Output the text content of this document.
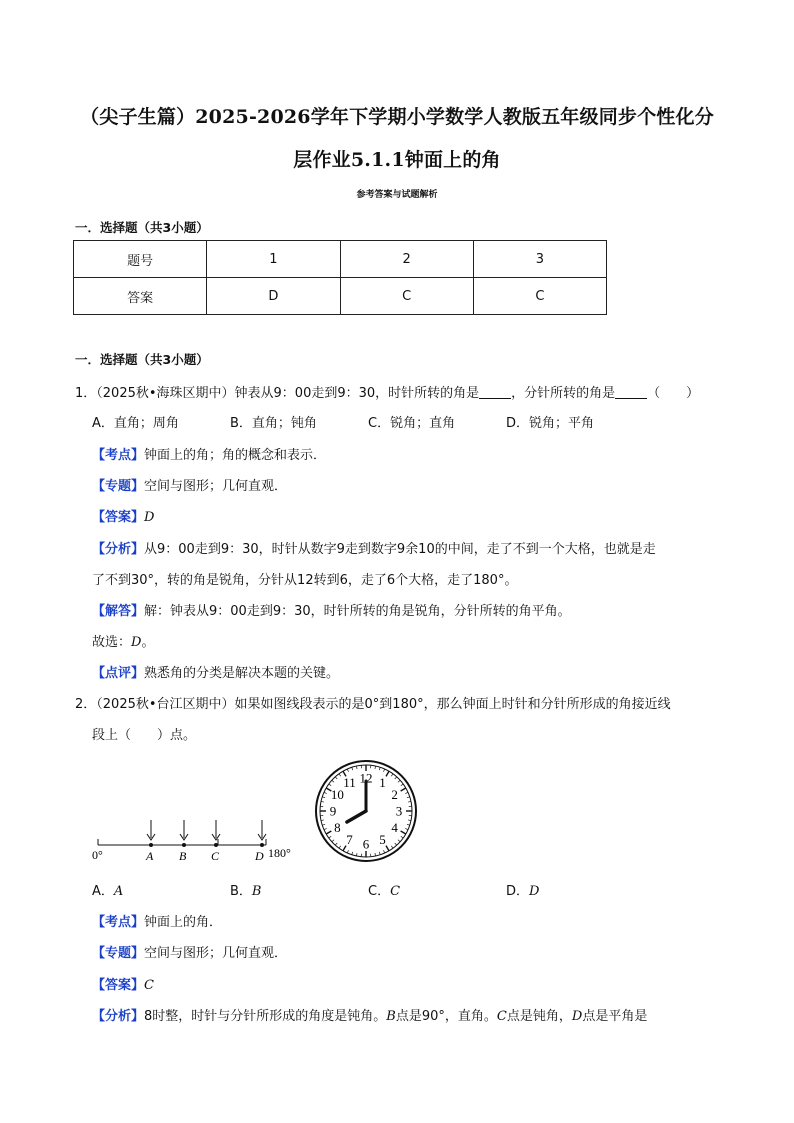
（尖子生篇）2025-2026学年下学期小学数学人教版五年级同步个性化分
层作业5.1.1钟面上的角
参考答案与试题解析
一．选择题（共3小题）
题号	1	2	3
答案	D	C	C
一．选择题（共3小题）
1．（2025秋•海珠区期中）钟表从9：00走到9：30，时针所转的角是 ，分针所转的角是 （　　）
A．直角；周角	B．直角；钝角	C．锐角；直角	D．锐角；平角
【考点】钟面上的角；角的概念和表示．
【专题】空间与图形；几何直观．
【答案】D
【分析】从9：00走到9：30，时针从数字9走到数字9余10的中间，走了不到一个大格，也就是走
了不到30°，转的角是锐角，分针从12转到6，走了6个大格，走了180°。
【解答】解：钟表从9：00走到9：30，时针所转的角是锐角，分针所转的角平角。
故选：D。
【点评】熟悉角的分类是解决本题的关键。
2．（2025秋•台江区期中）如果如图线段表示的是0°到180°，那么钟面上时针和分针所形成的角接近线
段上（　　）点。
0°	180°
A B C	D
12 1
2
3
4
5
6
7
8
9
10
11
A．A	B．B	C．C	D．D
【考点】钟面上的角．
【专题】空间与图形；几何直观．
【答案】C
【分析】8时整，时针与分针所形成的角度是钝角。B点是90°，直角。C点是钝角，D点是平角是
